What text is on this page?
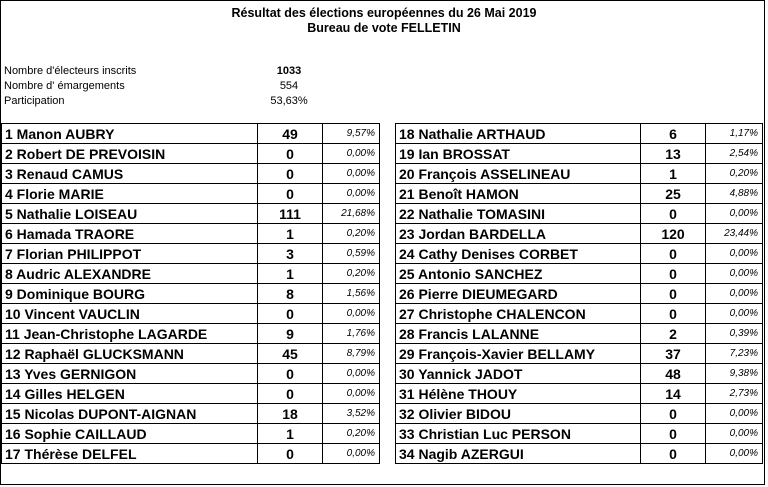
Résultat des élections européennes du 26 Mai 2019
Bureau de vote FELLETIN
Nombre d'électeurs inscrits	1033
Nombre d' émargements	554
Participation	53,63%
1 Manon AUBRY	49	9,57%
2 Robert DE PREVOISIN	0	0,00%
3 Renaud CAMUS	0	0,00%
4 Florie MARIE	0	0,00%
5 Nathalie LOISEAU	111	21,68%
6 Hamada TRAORE	1	0,20%
7 Florian PHILIPPOT	3	0,59%
8 Audric ALEXANDRE	1	0,20%
9 Dominique BOURG	8	1,56%
10 Vincent VAUCLIN	0	0,00%
11 Jean-Christophe LAGARDE	9	1,76%
12 Raphaël GLUCKSMANN	45	8,79%
13 Yves GERNIGON	0	0,00%
14 Gilles HELGEN	0	0,00%
15 Nicolas DUPONT-AIGNAN	18	3,52%
16 Sophie CAILLAUD	1	0,20%
17 Thérèse DELFEL	0	0,00%
18 Nathalie ARTHAUD	6	1,17%
19 Ian BROSSAT	13	2,54%
20 François ASSELINEAU	1	0,20%
21 Benoît HAMON	25	4,88%
22 Nathalie TOMASINI	0	0,00%
23 Jordan BARDELLA	120	23,44%
24 Cathy Denises CORBET	0	0,00%
25 Antonio SANCHEZ	0	0,00%
26 Pierre DIEUMEGARD	0	0,00%
27 Christophe CHALENCON	0	0,00%
28 Francis LALANNE	2	0,39%
29 François-Xavier BELLAMY	37	7,23%
30 Yannick JADOT	48	9,38%
31 Hélène THOUY	14	2,73%
32 Olivier BIDOU	0	0,00%
33 Christian Luc PERSON	0	0,00%
34 Nagib AZERGUI	0	0,00%
